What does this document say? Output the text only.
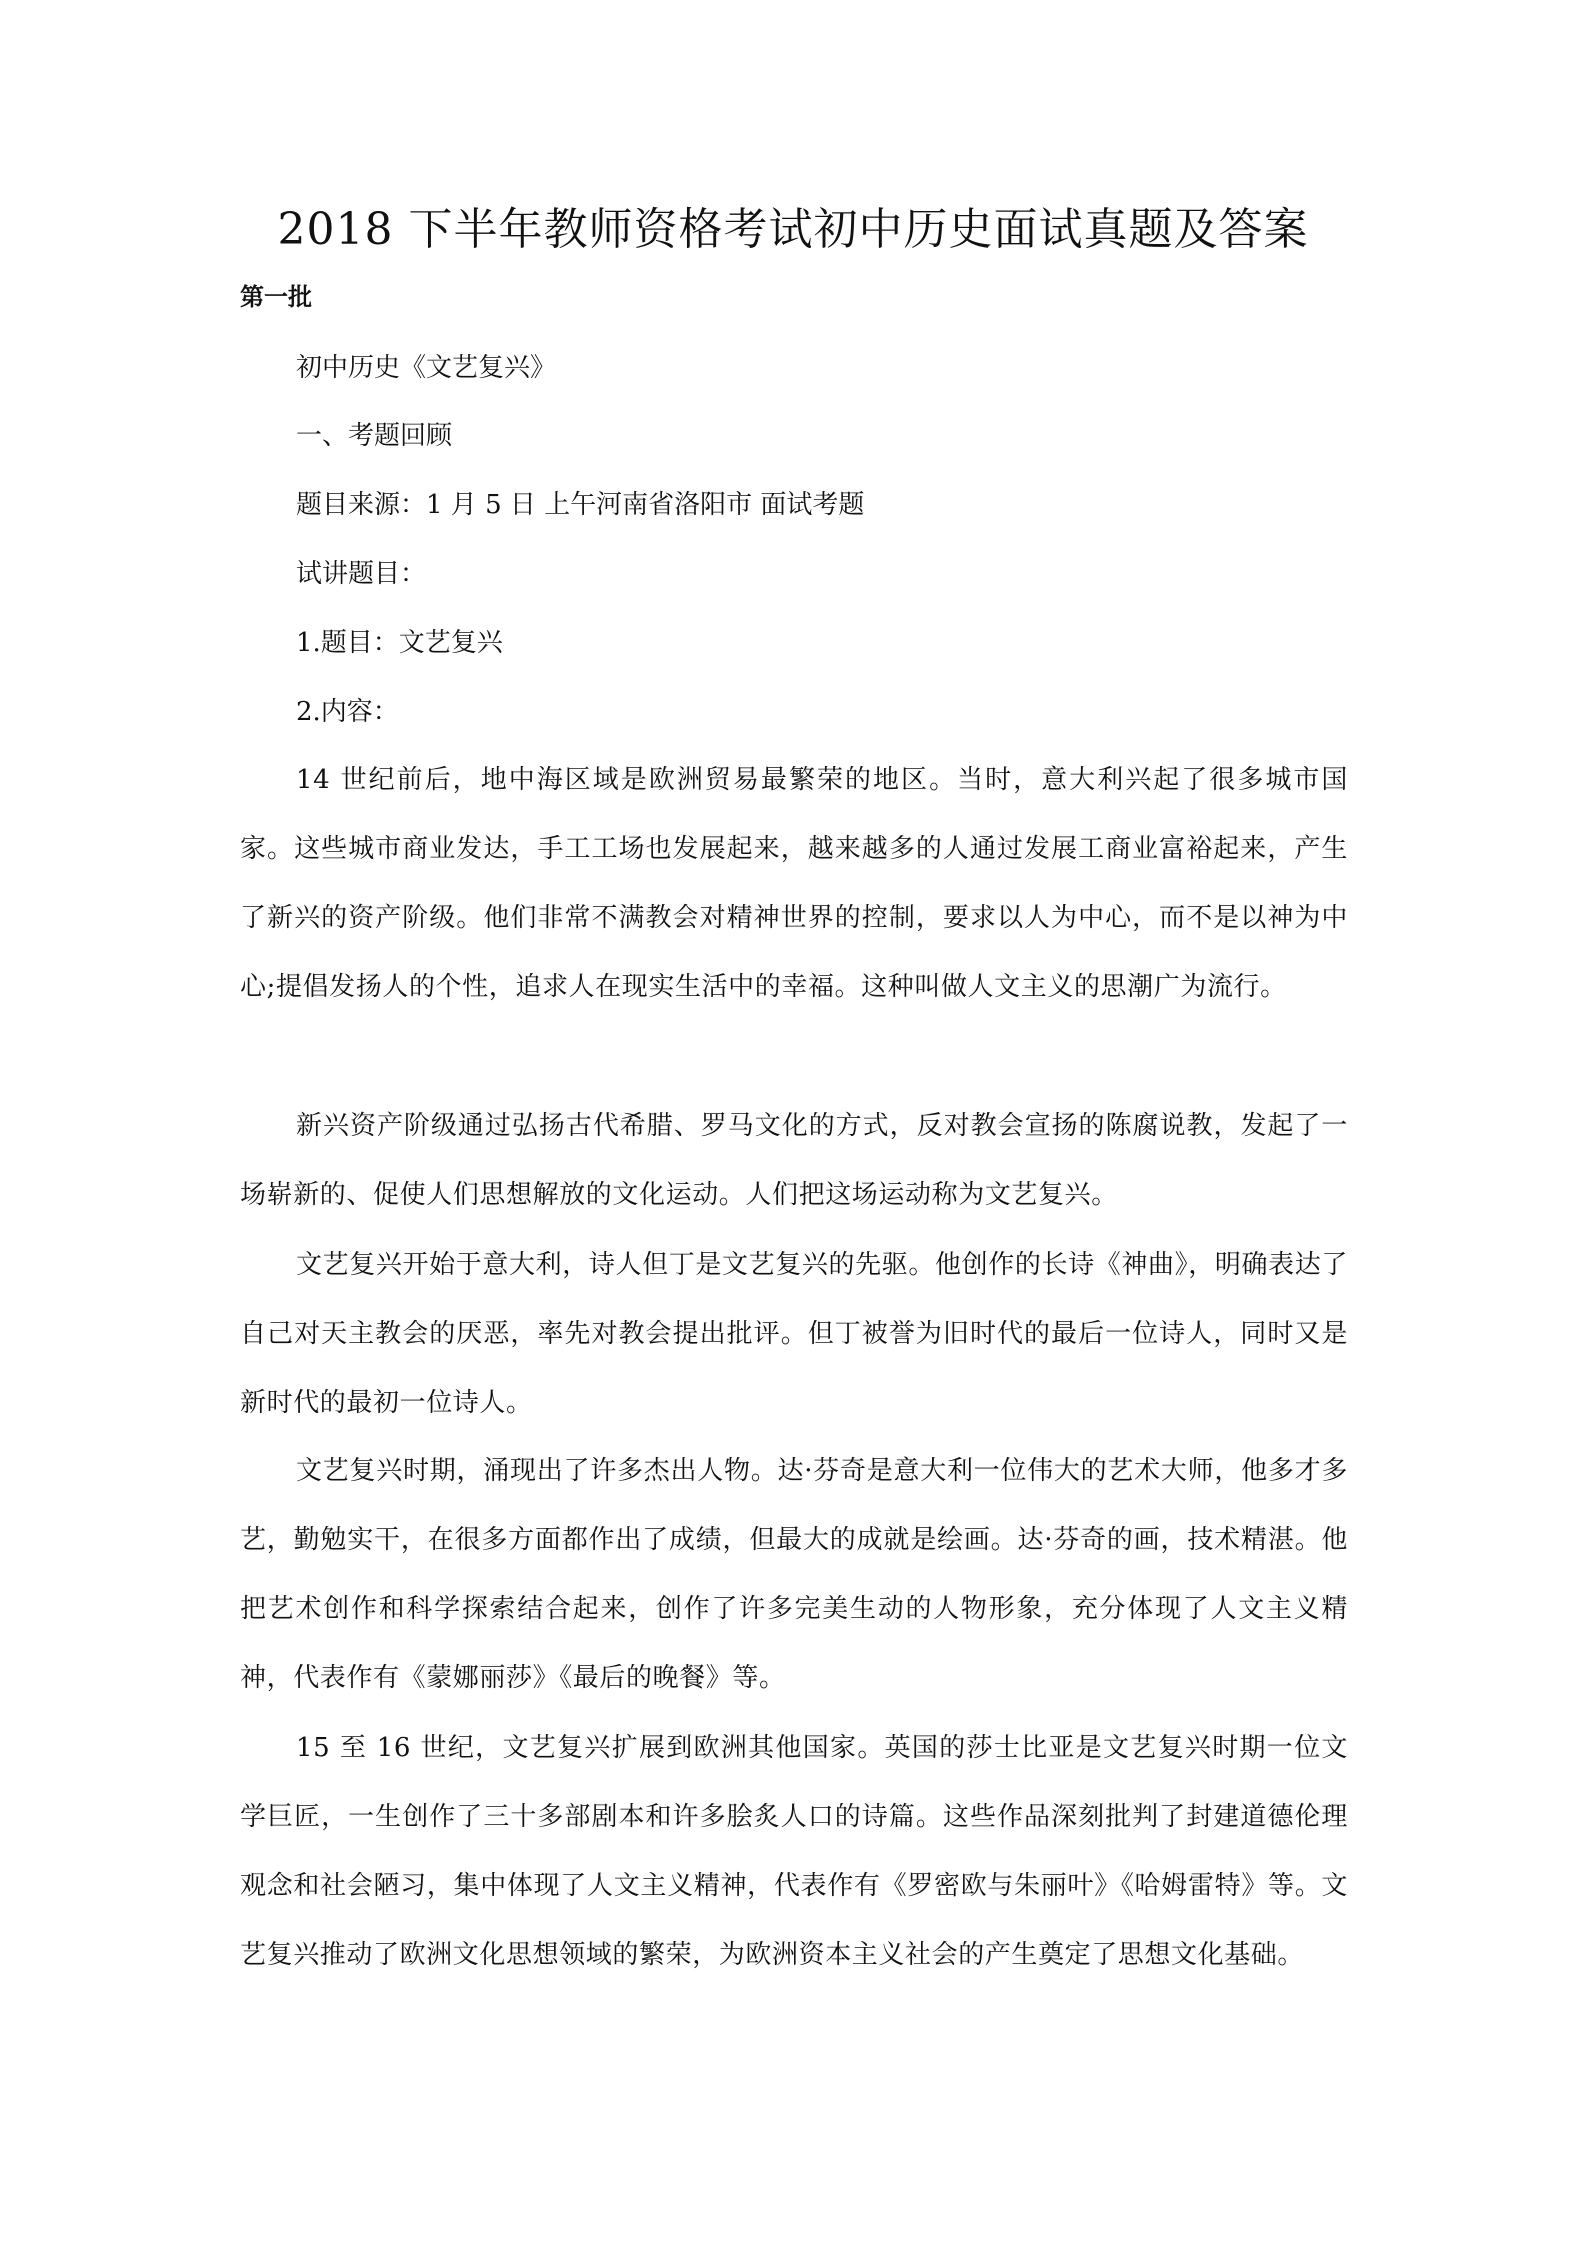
2018 下半年教师资格考试初中历史面试真题及答案

第一批

初中历史《文艺复兴》

一、考题回顾

题目来源：1 月 5 日 上午河南省洛阳市 面试考题

试讲题目：

1.题目：文艺复兴

2.内容：

14 世纪前后，地中海区域是欧洲贸易最繁荣的地区。当时，意大利兴起了很多城市国家。这些城市商业发达，手工工场也发展起来，越来越多的人通过发展工商业富裕起来，产生了新兴的资产阶级。他们非常不满教会对精神世界的控制，要求以人为中心，而不是以神为中心;提倡发扬人的个性，追求人在现实生活中的幸福。这种叫做人文主义的思潮广为流行。

新兴资产阶级通过弘扬古代希腊、罗马文化的方式，反对教会宣扬的陈腐说教，发起了一场崭新的、促使人们思想解放的文化运动。人们把这场运动称为文艺复兴。

文艺复兴开始于意大利，诗人但丁是文艺复兴的先驱。他创作的长诗《神曲》，明确表达了自己对天主教会的厌恶，率先对教会提出批评。但丁被誉为旧时代的最后一位诗人，同时又是新时代的最初一位诗人。

文艺复兴时期，涌现出了许多杰出人物。达·芬奇是意大利一位伟大的艺术大师，他多才多艺，勤勉实干，在很多方面都作出了成绩，但最大的成就是绘画。达·芬奇的画，技术精湛。他把艺术创作和科学探索结合起来，创作了许多完美生动的人物形象，充分体现了人文主义精神，代表作有《蒙娜丽莎》《最后的晚餐》等。

15 至 16 世纪，文艺复兴扩展到欧洲其他国家。英国的莎士比亚是文艺复兴时期一位文学巨匠，一生创作了三十多部剧本和许多脍炙人口的诗篇。这些作品深刻批判了封建道德伦理观念和社会陋习，集中体现了人文主义精神，代表作有《罗密欧与朱丽叶》《哈姆雷特》等。文艺复兴推动了欧洲文化思想领域的繁荣，为欧洲资本主义社会的产生奠定了思想文化基础。
